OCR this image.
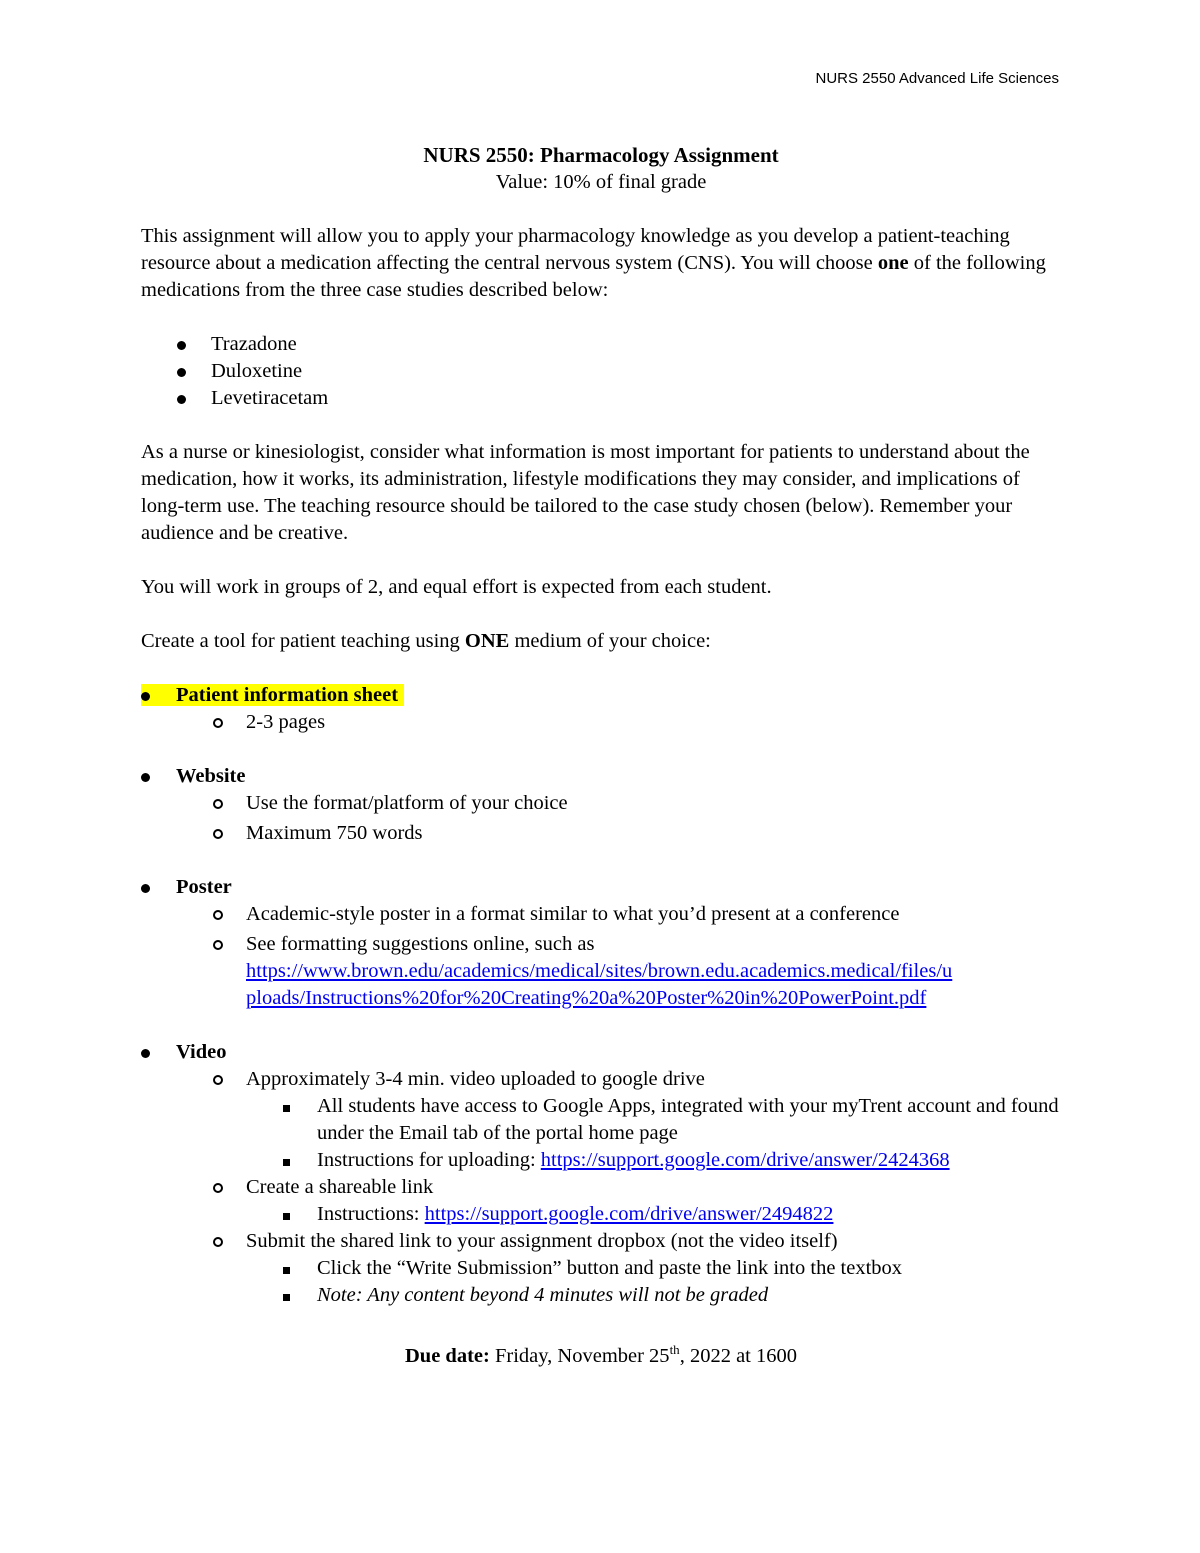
NURS 2550 Advanced Life Sciences

NURS 2550: Pharmacology Assignment

Value: 10% of final grade

This assignment will allow you to apply your pharmacology knowledge as you develop a patient-teaching resource about a medication affecting the central nervous system (CNS). You will choose one of the following medications from the three case studies described below:

Trazadone
Duloxetine
Levetiracetam

As a nurse or kinesiologist, consider what information is most important for patients to understand about the medication, how it works, its administration, lifestyle modifications they may consider, and implications of long-term use. The teaching resource should be tailored to the case study chosen (below). Remember your audience and be creative.

You will work in groups of 2, and equal effort is expected from each student.

Create a tool for patient teaching using ONE medium of your choice:

Patient information sheet
2-3 pages
Website
Use the format/platform of your choice
Maximum 750 words
Poster
Academic-style poster in a format similar to what you’d present at a conference
See formatting suggestions online, such as
https://www.brown.edu/academics/medical/sites/brown.edu.academics.medical/files/u
ploads/Instructions%20for%20Creating%20a%20Poster%20in%20PowerPoint.pdf
Video
Approximately 3-4 min. video uploaded to google drive
All students have access to Google Apps, integrated with your myTrent account and found under the Email tab of the portal home page
Instructions for uploading: https://support.google.com/drive/answer/2424368
Create a shareable link
Instructions: https://support.google.com/drive/answer/2494822
Submit the shared link to your assignment dropbox (not the video itself)
Click the “Write Submission” button and paste the link into the textbox
Note: Any content beyond 4 minutes will not be graded

Due date: Friday, November 25th, 2022 at 1600
